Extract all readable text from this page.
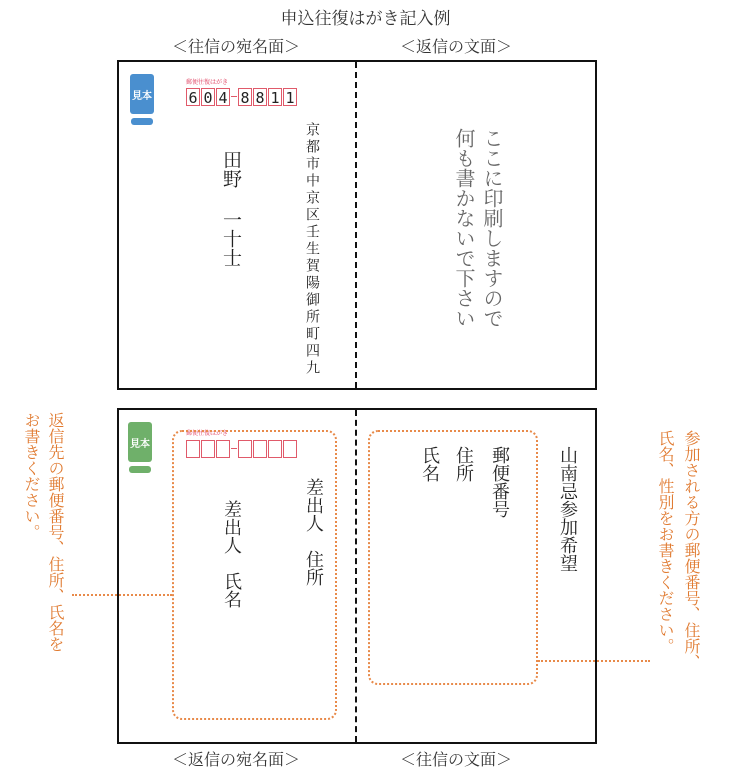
申込往復はがき記入例
＜往信の宛名面＞	＜返信の文面＞
見本
郵便往復はがき
6 0 4 8 8 1 1
京都市中京区壬生賀陽御所町四九
田野
一十士	ここに印刷しますので
何も書かないで下さい
見本
郵便往復はがき
差出人　住所
差出人　氏名	山南忌参加希望
郵便番号
住所
氏名
返信先の郵便番号、住所、氏名を
お書きください。	参加される方の郵便番号、住所、
氏名、性別をお書きください。
＜返信の宛名面＞	＜往信の文面＞
